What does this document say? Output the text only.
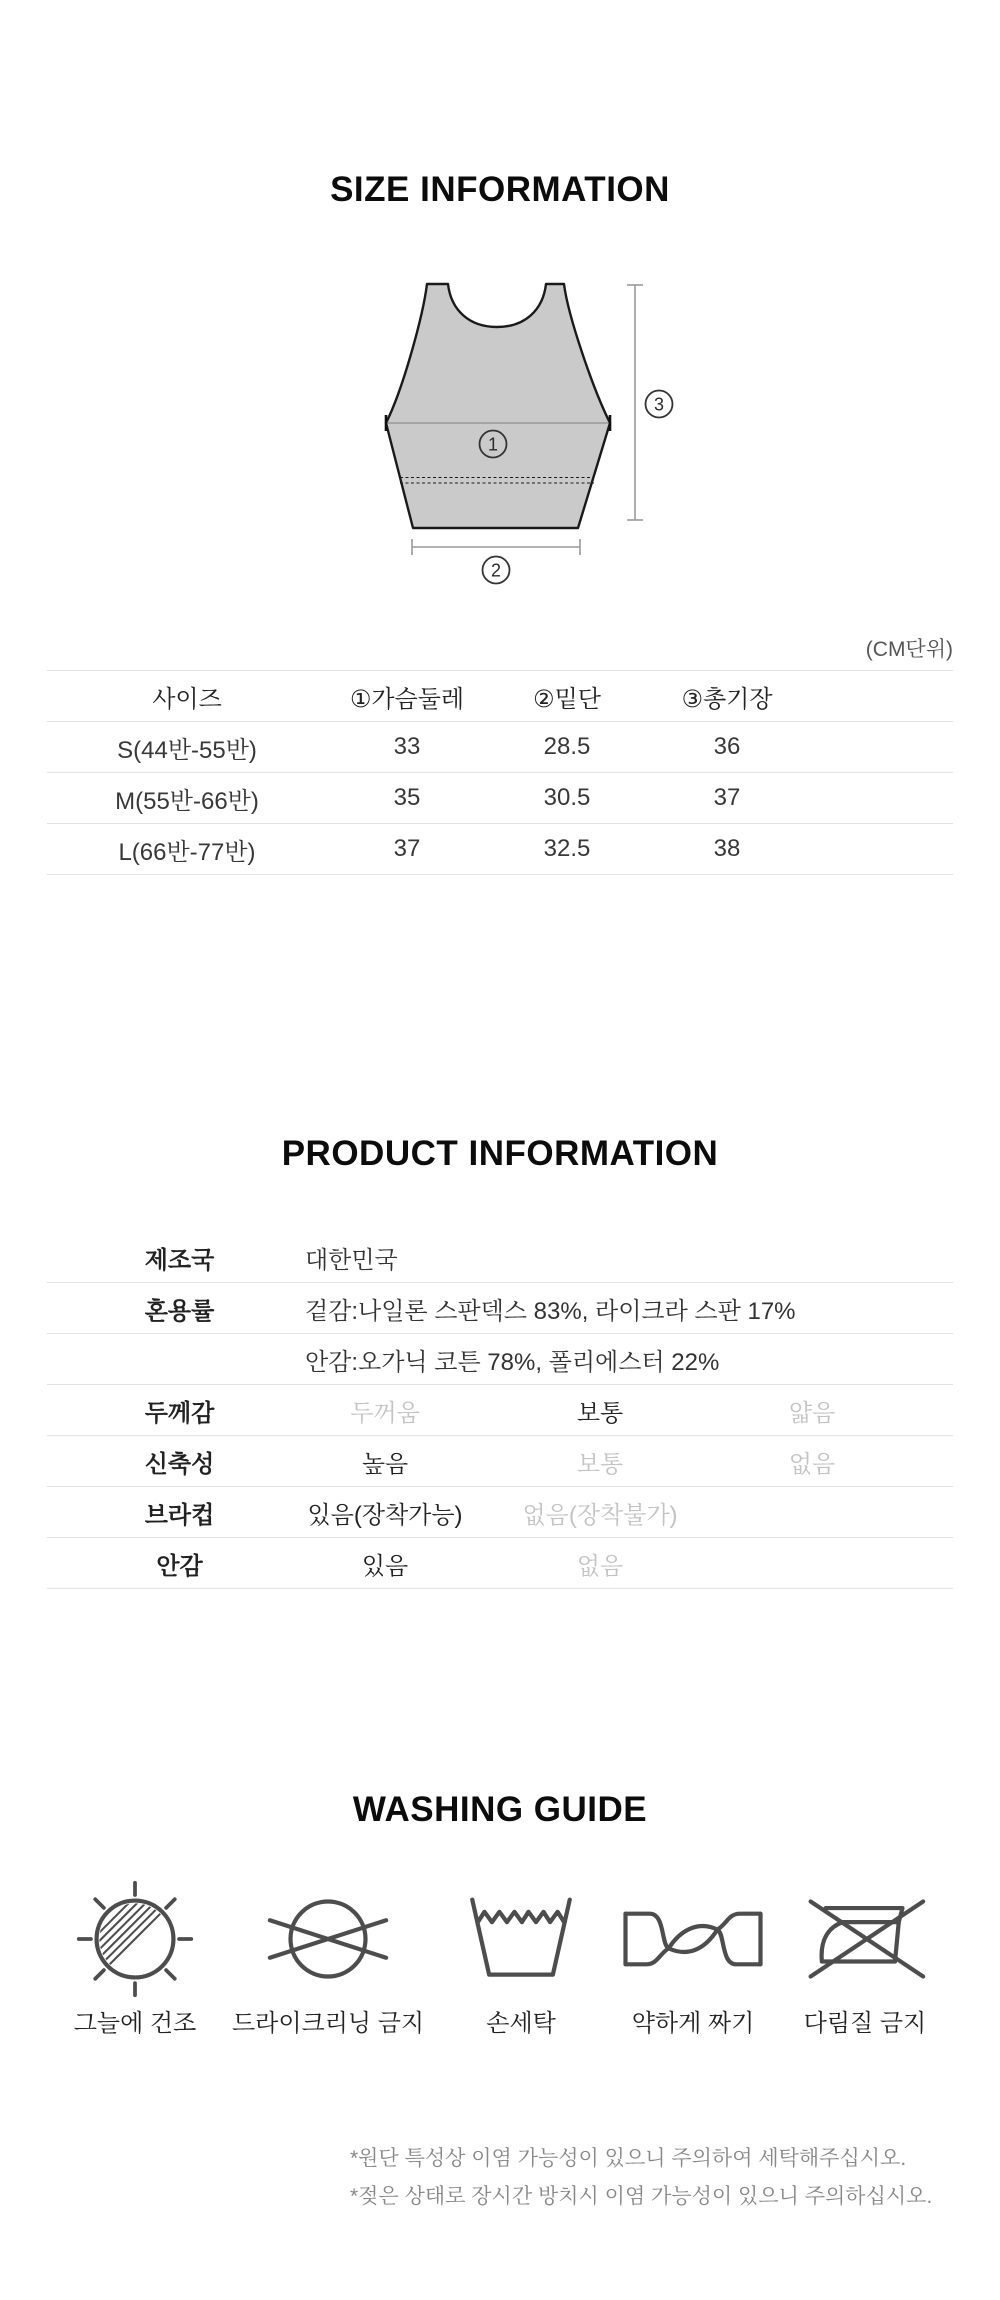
SIZE INFORMATION
1
2
3
(CM단위)
사이즈	①가슴둘레	②밑단	③총기장	
S(44반-55반)	33	28.5	36	
M(55반-66반)	35	30.5	37	
L(66반-77반)	37	32.5	38	
PRODUCT INFORMATION
제조국	대한민국
혼용률	겉감:나일론 스판덱스 83%, 라이크라 스판 17%
안감:오가닉 코튼 78%, 폴리에스터 22%
두께감	두꺼움	보통	얇음
신축성	높음	보통	없음
브라컵	있음(장착가능)	없음(장착불가)
안감	있음	없음
WASHING GUIDE
그늘에 건조 드라이크리닝 금지	손세탁	약하게 짜기 다림질 금지
*원단 특성상 이염 가능성이 있으니 주의하여 세탁해주십시오.
*젖은 상태로 장시간 방치시 이염 가능성이 있으니 주의하십시오.
